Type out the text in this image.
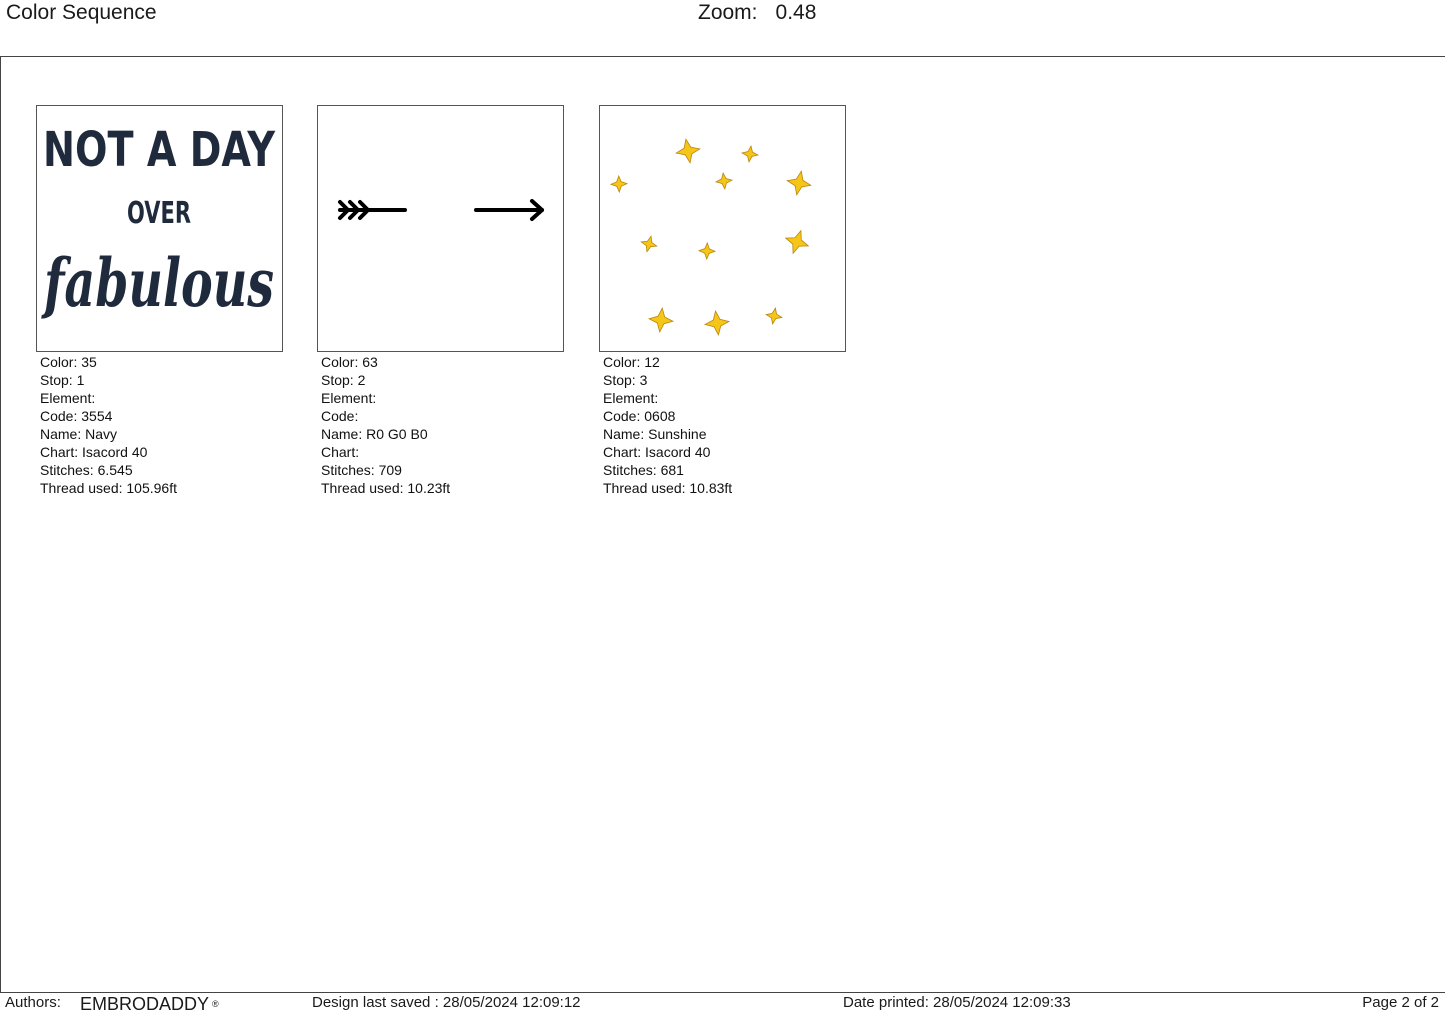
Color Sequence	Zoom: 0.48
NOT A DAY
OVER
fabulous
Color: 35
Stop: 1
Element:
Code: 3554
Name: Navy
Chart: Isacord 40
Stitches: 6.545
Thread used: 105.96ft
Color: 63
Stop: 2
Element:
Code:
Name: R0 G0 B0
Chart:
Stitches: 709
Thread used: 10.23ft
Color: 12
Stop: 3
Element:
Code: 0608
Name: Sunshine
Chart: Isacord 40
Stitches: 681
Thread used: 10.83ft
Authors: EMBRODADDY ®	Design last saved : 28/05/2024 12:09:12	Date printed: 28/05/2024 12:09:33	Page 2 of 2
